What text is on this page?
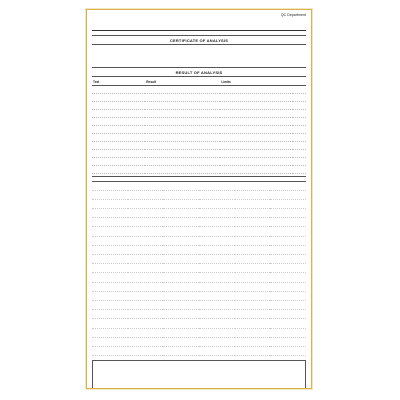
QC Department

CERTIFICATE OF ANALYSIS
RESULT OF ANALYSIS
Test	Result	Limits	
